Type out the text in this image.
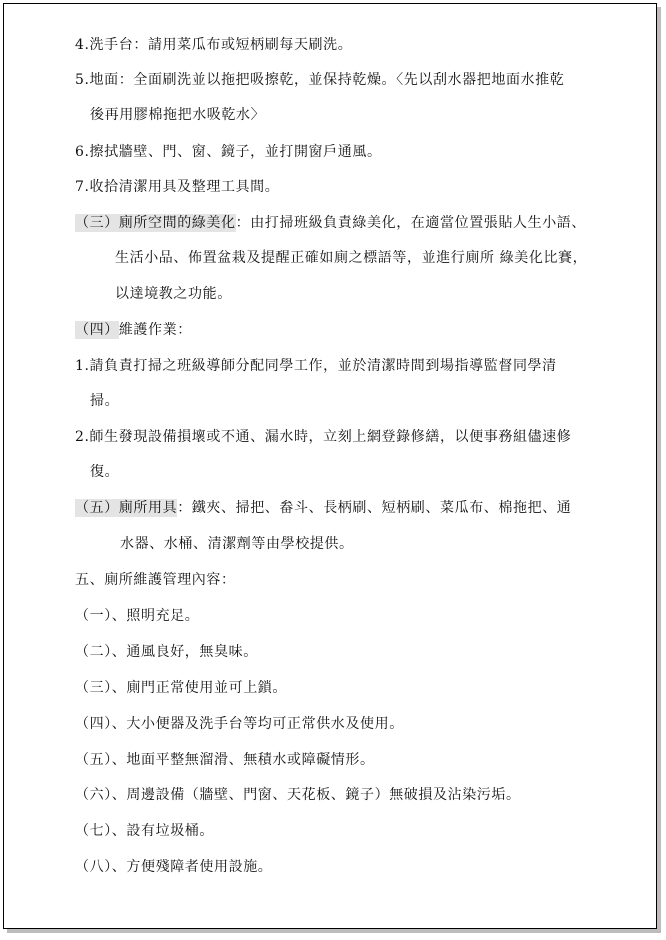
4.洗手台：請用菜瓜布或短柄刷每天刷洗。
5.地面：全面刷洗並以拖把吸擦乾，並保持乾燥。〈先以刮水器把地面水推乾
後再用膠棉拖把水吸乾水〉
6.擦拭牆壁、門、窗、鏡子，並打開窗戶通風。
7.收拾清潔用具及整理工具間。
（三）廁所空間的綠美化：由打掃班級負責綠美化，在適當位置張貼人生小語、
生活小品、佈置盆栽及提醒正確如廁之標語等，並進行廁所 綠美化比賽，
以達境教之功能。
（四）維護作業：
1.請負責打掃之班級導師分配同學工作，並於清潔時間到場指導監督同學清
掃。
2.師生發現設備損壞或不通、漏水時，立刻上網登錄修繕，以便事務組儘速修
復。
（五）廁所用具：鐵夾、掃把、畚斗、長柄刷、短柄刷、菜瓜布、棉拖把、通
水器、水桶、清潔劑等由學校提供。
五、廁所維護管理內容：
（一）、照明充足。
（二）、通風良好，無臭味。
（三）、廁門正常使用並可上鎖。
（四）、大小便器及洗手台等均可正常供水及使用。
（五）、地面平整無溜滑、無積水或障礙情形。
（六）、周邊設備（牆壁、門窗、天花板、鏡子）無破損及沾染污垢。
（七）、設有垃圾桶。
（八）、方便殘障者使用設施。
